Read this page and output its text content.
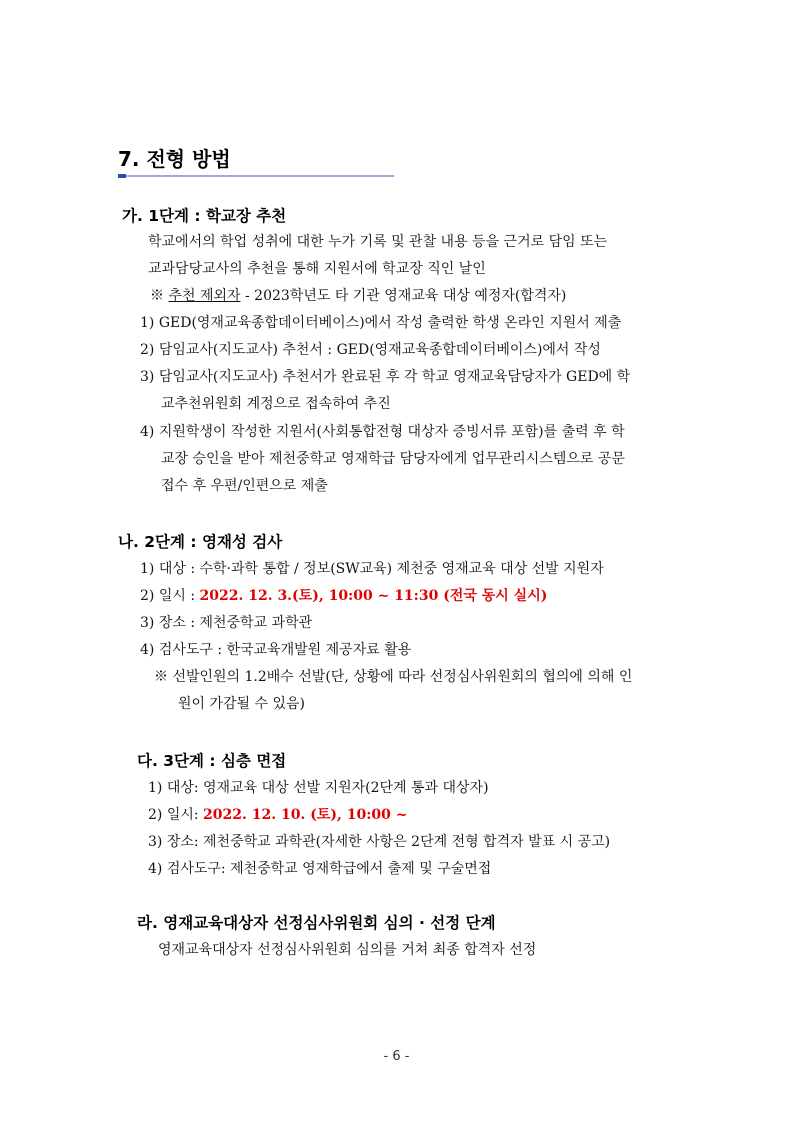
7. 전형 방법
가. 1단계 : 학교장 추천
학교에서의 학업 성취에 대한 누가 기록 및 관찰 내용 등을 근거로 담임 또는
교과담당교사의 추천을 통해 지원서에 학교장 직인 날인
※ 추천 제외자 - 2023학년도 타 기관 영재교육 대상 예정자(합격자)
1) GED(영재교육종합데이터베이스)에서 작성 출력한 학생 온라인 지원서 제출
2) 담임교사(지도교사) 추천서 : GED(영재교육종합데이터베이스)에서 작성
3) 담임교사(지도교사) 추천서가 완료된 후 각 학교 영재교육담당자가 GED에 학
교추천위원회 계정으로 접속하여 추진
4) 지원학생이 작성한 지원서(사회통합전형 대상자 증빙서류 포함)를 출력 후 학
교장 승인을 받아 제천중학교 영재학급 담당자에게 업무관리시스템으로 공문
접수 후 우편/인편으로 제출
나. 2단계 : 영재성 검사
1) 대상 : 수학·과학 통합 / 정보(SW교육) 제천중 영재교육 대상 선발 지원자
2) 일시 : 2022. 12. 3.(토), 10:00 ~ 11:30 (전국 동시 실시)
3) 장소 : 제천중학교 과학관
4) 검사도구 : 한국교육개발원 제공자료 활용
※ 선발인원의 1.2배수 선발(단, 상황에 따라 선정심사위원회의 협의에 의해 인
원이 가감될 수 있음)
다. 3단계 : 심층 면접
1) 대상: 영재교육 대상 선발 지원자(2단계 통과 대상자)
2) 일시: 2022. 12. 10. (토), 10:00 ~
3) 장소: 제천중학교 과학관(자세한 사항은 2단계 전형 합격자 발표 시 공고)
4) 검사도구: 제천중학교 영재학급에서 출제 및 구술면접
라. 영재교육대상자 선정심사위원회 심의 · 선정 단계
영재교육대상자 선정심사위원회 심의를 거쳐 최종 합격자 선정
- 6 -
